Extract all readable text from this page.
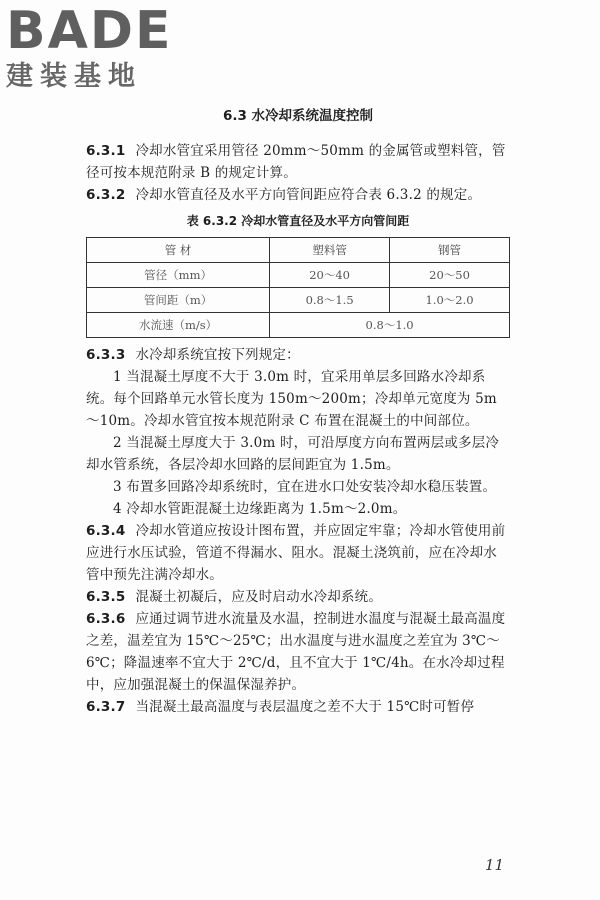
BADE
建装基地
6.3 水冷却系统温度控制

6.3.1 冷却水管宜采用管径 20mm～50mm 的金属管或塑料管，管径可按本规范附录 B 的规定计算。

6.3.2 冷却水管直径及水平方向管间距应符合表 6.3.2 的规定。

表 6.3.2 冷却水管直径及水平方向管间距
管 材	塑料管	钢管
管径（mm）	20～40	20～50
管间距（m）	0.8～1.5	1.0～2.0
水流速（m/s）	0.8～1.0	

6.3.3 水冷却系统宜按下列规定：

1 当混凝土厚度不大于 3.0m 时，宜采用单层多回路水冷却系统。每个回路单元水管长度为 150m～200m；冷却单元宽度为 5m～10m。冷却水管宜按本规范附录 C 布置在混凝土的中间部位。

2 当混凝土厚度大于 3.0m 时，可沿厚度方向布置两层或多层冷却水管系统，各层冷却水回路的层间距宜为 1.5m。

3 布置多回路冷却系统时，宜在进水口处安装冷却水稳压装置。

4 冷却水管距混凝土边缘距离为 1.5m～2.0m。

6.3.4 冷却水管道应按设计图布置，并应固定牢靠；冷却水管使用前应进行水压试验，管道不得漏水、阻水。混凝土浇筑前，应在冷却水管中预先注满冷却水。

6.3.5 混凝土初凝后，应及时启动水冷却系统。

6.3.6 应通过调节进水流量及水温，控制进水温度与混凝土最高温度之差，温差宜为 15℃～25℃；出水温度与进水温度之差宜为 3℃～6℃；降温速率不宜大于 2℃/d，且不宜大于 1℃/4h。在水冷却过程中，应加强混凝土的保温保湿养护。

6.3.7 当混凝土最高温度与表层温度之差不大于 15℃时可暂停

11
